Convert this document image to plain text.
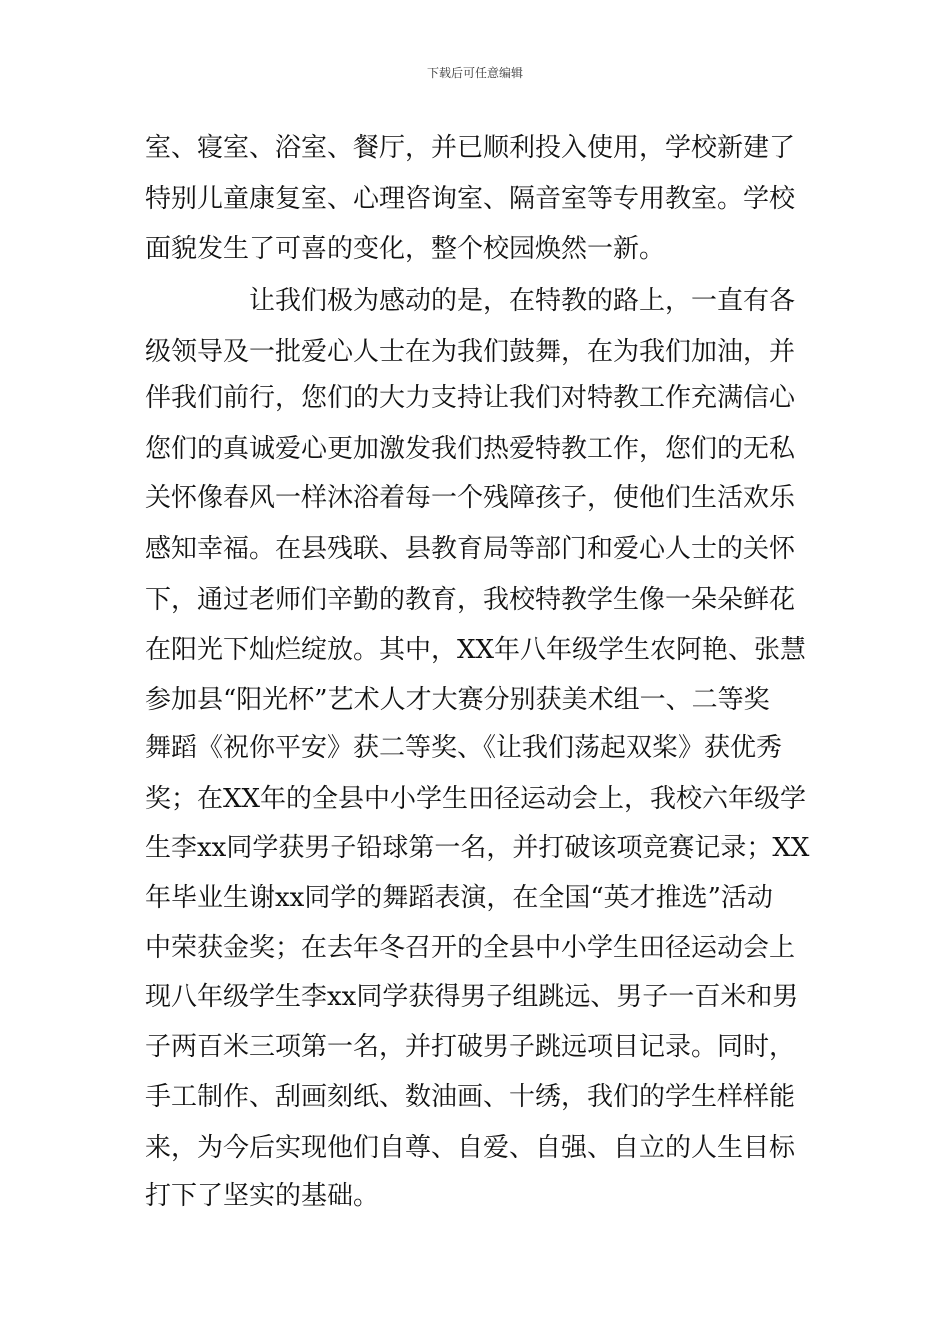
下载后可任意编辑
室、寝室、浴室、餐厅，并已顺利投入使用，学校新建了
特别儿童康复室、心理咨询室、隔音室等专用教室。学校
面貌发生了可喜的变化，整个校园焕然一新。
让我们极为感动的是，在特教的路上，一直有各
级领导及一批爱心人士在为我们鼓舞，在为我们加油，并
伴我们前行，您们的大力支持让我们对特教工作充满信心
您们的真诚爱心更加激发我们热爱特教工作，您们的无私
关怀像春风一样沐浴着每一个残障孩子，使他们生活欢乐
感知幸福。在县残联、县教育局等部门和爱心人士的关怀
下，通过老师们辛勤的教育，我校特教学生像一朵朵鲜花
在阳光下灿烂绽放。其中，XX年八年级学生农阿艳、张慧
参加县“阳光杯”艺术人才大赛分别获美术组一、二等奖
舞蹈《祝你平安》获二等奖、《让我们荡起双桨》获优秀
奖；在XX年的全县中小学生田径运动会上，我校六年级学
生李xx同学获男子铅球第一名，并打破该项竞赛记录；XX
年毕业生谢xx同学的舞蹈表演，在全国“英才推选”活动
中荣获金奖；在去年冬召开的全县中小学生田径运动会上
现八年级学生李xx同学获得男子组跳远、男子一百米和男
子两百米三项第一名，并打破男子跳远项目记录。同时，
手工制作、刮画刻纸、数油画、十绣，我们的学生样样能
来，为今后实现他们自尊、自爱、自强、自立的人生目标
打下了坚实的基础。
